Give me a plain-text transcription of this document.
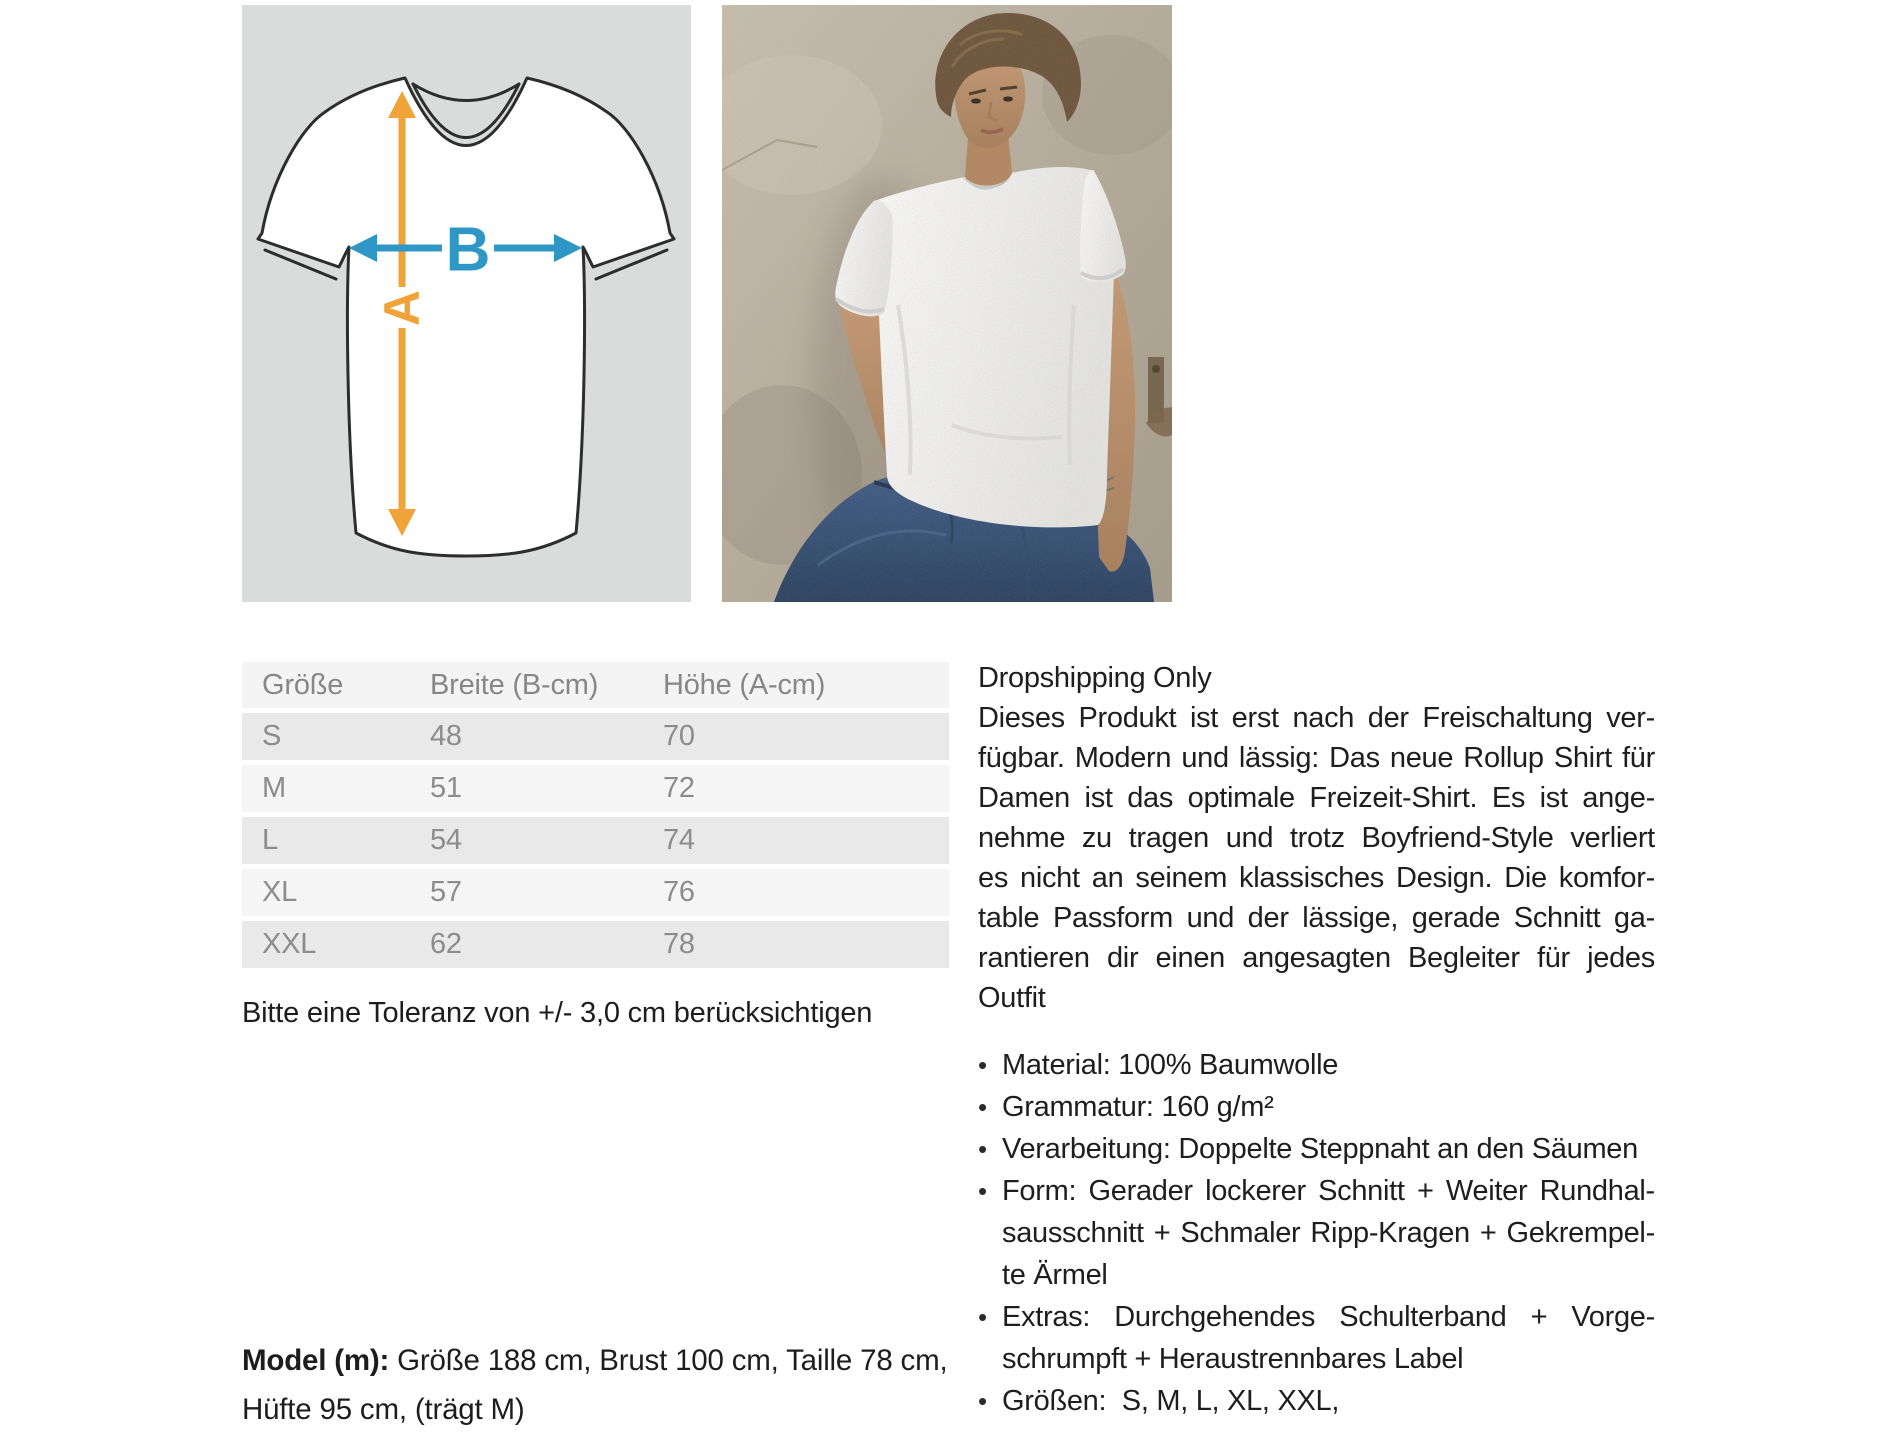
A
B
Größe	Breite (B-cm)	Höhe (A-cm)
S	48	70
M	51	72
L	54	74
XL	57	76
XXL	62	78
Bitte eine Toleranz von +/- 3,0 cm berücksichtigen
Model (m): Größe 188 cm, Brust 100 cm, Taille 78 cm,
Hüfte 95 cm, (trägt M)
Dropshipping Only
Dieses Produkt ist erst nach der Freischaltung ver-
fügbar. Modern und lässig: Das neue Rollup Shirt für
Damen ist das optimale Freizeit-Shirt. Es ist ange-
nehme zu tragen und trotz Boyfriend-Style verliert
es nicht an seinem klassisches Design. Die komfor-
table Passform und der lässige, gerade Schnitt ga-
rantieren dir einen angesagten Begleiter für jedes
Outfit
• Material: 100% Baumwolle
• Grammatur: 160 g/m²
• Verarbeitung: Doppelte Steppnaht an den Säumen
• Form: Gerader lockerer Schnitt + Weiter Rundhal-
sausschnitt + Schmaler Ripp-Kragen + Gekrempel-
te Ärmel
• Extras: Durchgehendes Schulterband + Vorge-
schrumpft + Heraustrennbares Label
• Größen:  S, M, L, XL, XXL,
